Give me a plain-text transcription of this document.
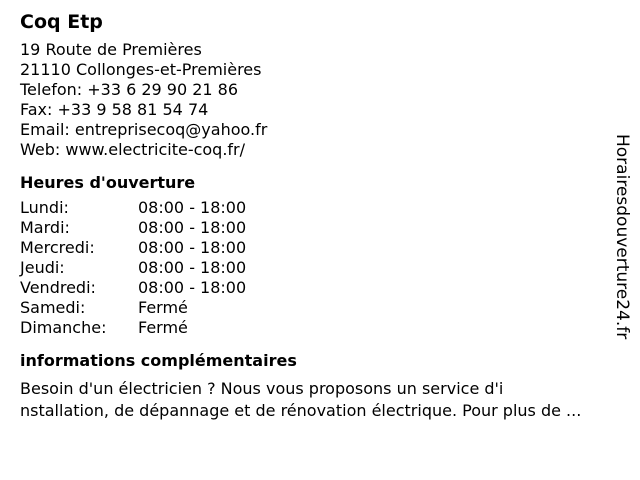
Coq Etp
19 Route de Premières
21110 Collonges-et-Premières
Telefon: +33 6 29 90 21 86
Fax: +33 9 58 81 54 74
Email: entreprisecoq@yahoo.fr
Web: www.electricite-coq.fr/
Heures d'ouverture
Lundi:	08:00 - 18:00
Mardi:	08:00 - 18:00
Mercredi:	08:00 - 18:00
Jeudi:	08:00 - 18:00
Vendredi:	08:00 - 18:00
Samedi:	Fermé
Dimanche:	Fermé
informations complémentaires
Besoin d'un électricien ? Nous vous proposons un service d'i
nstallation, de dépannage et de rénovation électrique. Pour plus de ...
Horairesdouverture24.fr
